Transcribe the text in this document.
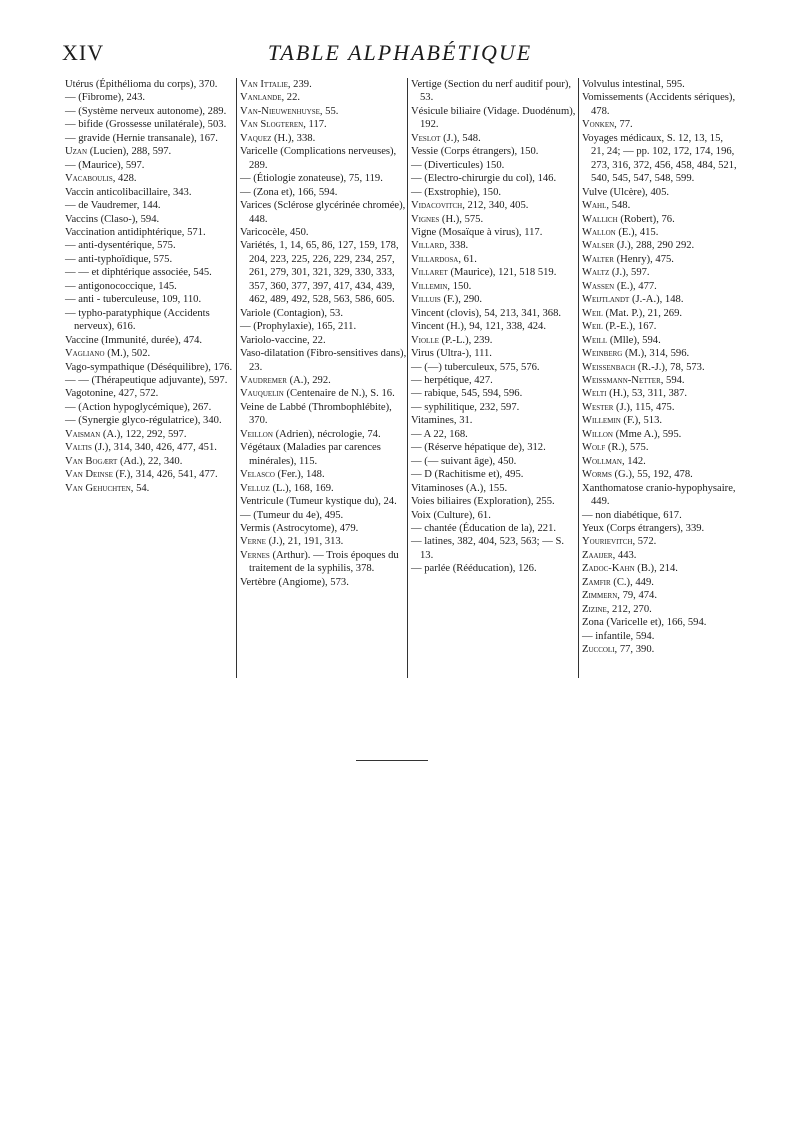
XIV	TABLE ALPHABÉTIQUE
Utérus (Épithélioma du corps), 370.
— (Fibrome), 243.
— (Système nerveux autonome), 289.
— bifide (Grossesse unilatérale), 503.
— gravide (Hernie transanale), 167.
Uzan (Lucien), 288, 597.
— (Maurice), 597.
Vacaboulis, 428.
Vaccin anticolibacillaire, 343.
— de Vaudremer, 144.
Vaccins (Claso-), 594.
Vaccination antidiphtérique, 571.
— anti-dysentérique, 575.
— anti-typhoïdique, 575.
— — et diphtérique associée, 545.
— antigonococcique, 145.
— anti - tuberculeuse, 109, 110.
— typho-paratyphique (Accidents nerveux), 616.
Vaccine (Immunité, durée), 474.
Vagliano (M.), 502.
Vago-sympathique (Déséquilibre), 176.
— — (Thérapeutique adjuvante), 597.
Vagotonine, 427, 572.
— (Action hypoglycémique), 267.
— (Synergie glyco-régulatrice), 340.
Vaisman (A.), 122, 292, 597.
Valtis (J.), 314, 340, 426, 477, 451.
Van Bogært (Ad.), 22, 340.
Van Deinse (F.), 314, 426, 541, 477.
Van Gehuchten, 54.
Van Ittalie, 239.
Vanlande, 22.
Van-Nieuwenhuyse, 55.
Van Slogteren, 117.
Vaquez (H.), 338.
Varicelle (Complications nerveuses), 289.
— (Étiologie zonateuse), 75, 119.
— (Zona et), 166, 594.
Varices (Sclérose glycérinée chromée), 448.
Varicocèle, 450.
Variétés, 1, 14, 65, 86, 127, 159, 178, 204, 223, 225, 226, 229, 234, 257, 261, 279, 301, 321, 329, 330, 333, 357, 360, 377, 397, 417, 434, 439, 462, 489, 492, 528, 563, 586, 605.
Variole (Contagion), 53.
— (Prophylaxie), 165, 211.
Variolo-vaccine, 22.
Vaso-dilatation (Fibro-sensitives dans), 23.
Vaudremer (A.), 292.
Vauquelin (Centenaire de N.), S. 16.
Veine de Labbé (Thrombophlébite), 370.
Veillon (Adrien), nécrologie, 74.
Végétaux (Maladies par carences minérales), 115.
Velasco (Fer.), 148.
Velluz (L.), 168, 169.
Ventricule (Tumeur kystique du), 24.
— (Tumeur du 4e), 495.
Vermis (Astrocytome), 479.
Verne (J.), 21, 191, 313.
Vernes (Arthur). — Trois époques du traitement de la syphilis, 378.
Vertèbre (Angiome), 573.
Vertige (Section du nerf auditif pour), 53.
Vésicule biliaire (Vidage. Duodénum), 192.
Veslot (J.), 548.
Vessie (Corps étrangers), 150.
— (Diverticules) 150.
— (Electro-chirurgie du col), 146.
— (Exstrophie), 150.
Vidacovitch, 212, 340, 405.
Vignes (H.), 575.
Vigne (Mosaïque à virus), 117.
Villard, 338.
Villardosa, 61.
Villaret (Maurice), 121, 518 519.
Villemin, 150.
Villuis (F.), 290.
Vincent (clovis), 54, 213, 341, 368.
Vincent (H.), 94, 121, 338, 424.
Violle (P.-L.), 239.
Virus (Ultra-), 111.
— (—) tuberculeux, 575, 576.
— herpétique, 427.
— rabique, 545, 594, 596.
— syphilitique, 232, 597.
Vitamines, 31.
— A 22, 168.
— (Réserve hépatique de), 312.
— (— suivant âge), 450.
— D (Rachitisme et), 495.
Vitaminoses (A.), 155.
Voies biliaires (Exploration), 255.
Voix (Culture), 61.
— chantée (Éducation de la), 221.
— latines, 382, 404, 523, 563; — S. 13.
— parlée (Rééducation), 126.
Volvulus intestinal, 595.
Vomissements (Accidents sériques), 478.
Vonken, 77.
Voyages médicaux, S. 12, 13, 15, 21, 24; — pp. 102, 172, 174, 196, 273, 316, 372, 456, 458, 484, 521, 540, 545, 547, 548, 599.
Vulve (Ulcère), 405.
Wahl, 548.
Wallich (Robert), 76.
Wallon (E.), 415.
Walser (J.), 288, 290 292.
Walter (Henry), 475.
Waltz (J.), 597.
Wassen (E.), 477.
Weijtlandt (J.-A.), 148.
Weil (Mat. P.), 21, 269.
Weil (P.-E.), 167.
Weill (Mlle), 594.
Weinberg (M.), 314, 596.
Weissenbach (R.-J.), 78, 573.
Weissmann-Netter, 594.
Welti (H.), 53, 311, 387.
Wester (J.), 115, 475.
Willemin (F.), 513.
Willon (Mme A.), 595.
Wolf (R.), 575.
Wollman, 142.
Worms (G.), 55, 192, 478.
Xanthomatose cranio-hypophysaire, 449.
— non diabétique, 617.
Yeux (Corps étrangers), 339.
Yourievitch, 572.
Zaaijer, 443.
Zadoc-Kahn (B.), 214.
Zamfir (C.), 449.
Zimmern, 79, 474.
Zizine, 212, 270.
Zona (Varicelle et), 166, 594.
— infantile, 594.
Zuccoli, 77, 390.
